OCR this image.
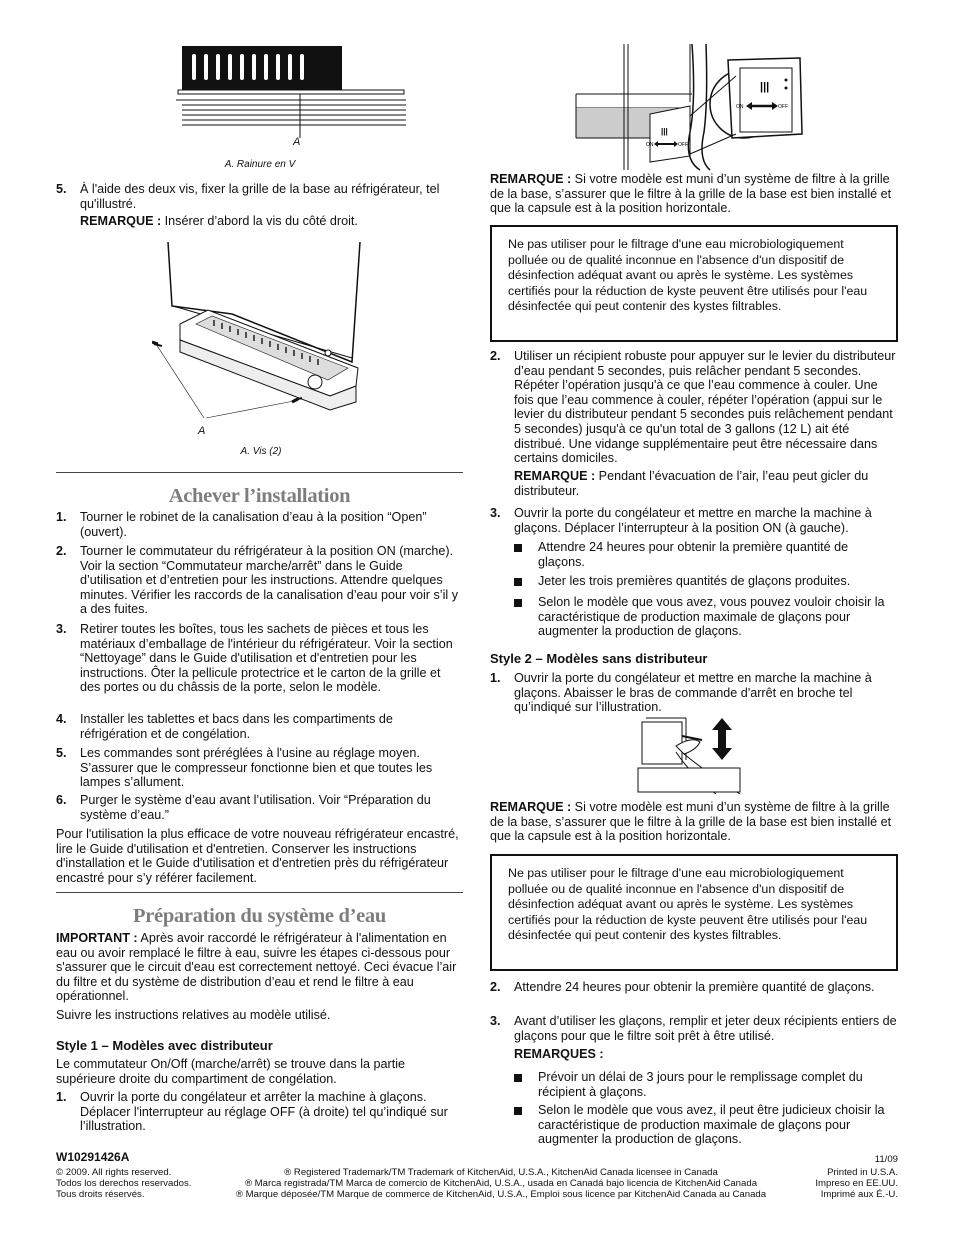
A
A. Rainure en V
5. À l'aide des deux vis, fixer la grille de la base au réfrigérateur, tel qu'illustré.
REMARQUE : Insérer d’abord la vis du côté droit.
A
A. Vis (2)
Achever l’installation
1. Tourner le robinet de la canalisation d’eau à la position “Open” (ouvert).
2. Tourner le commutateur du réfrigérateur à la position ON (marche). Voir la section “Commutateur marche/arrêt” dans le Guide d’utilisation et d’entretien pour les instructions. Attendre quelques minutes. Vérifier les raccords de la canalisation d’eau pour voir s’il y a des fuites.
3. Retirer toutes les boîtes, tous les sachets de pièces et tous les matériaux d’emballage de l'intérieur du réfrigérateur. Voir la section “Nettoyage” dans le Guide d'utilisation et d'entretien pour les instructions. Ôter la pellicule protectrice et le carton de la grille et des portes ou du châssis de la porte, selon le modèle.
4. Installer les tablettes et bacs dans les compartiments de réfrigération et de congélation.
5. Les commandes sont préréglées à l'usine au réglage moyen. S’assurer que le compresseur fonctionne bien et que toutes les lampes s’allument.
6. Purger le système d’eau avant l’utilisation. Voir “Préparation du système d’eau.”
Pour l'utilisation la plus efficace de votre nouveau réfrigérateur encastré, lire le Guide d'utilisation et d'entretien. Conserver les instructions d'installation et le Guide d'utilisation et d'entretien près du réfrigérateur encastré pour s’y référer facilement.
Préparation du système d’eau
IMPORTANT : Après avoir raccordé le réfrigérateur à l'alimentation en eau ou avoir remplacé le filtre à eau, suivre les étapes ci-dessous pour s'assurer que le circuit d'eau est correctement nettoyé. Ceci évacue l’air du filtre et du système de distribution d’eau et rend le filtre à eau opérationnel.
Suivre les instructions relatives au modèle utilisé.
Style 1 – Modèles avec distributeur
Le commutateur On/Off (marche/arrêt) se trouve dans la partie supérieure droite du compartiment de congélation.
1. Ouvrir la porte du congélateur et arrêter la machine à glaçons. Déplacer l'interrupteur au réglage OFF (à droite) tel qu’indiqué sur l’illustration.
|||
ON	OFF
|||
ON	OFF
REMARQUE : Si votre modèle est muni d’un système de filtre à la grille de la base, s’assurer que le filtre à la grille de la base est bien installé et que la capsule est à la position horizontale.
Ne pas utiliser pour le filtrage d'une eau microbiologiquement polluée ou de qualité inconnue en l'absence d'un dispositif de désinfection adéquat avant ou après le système. Les systèmes certifiés pour la réduction de kyste peuvent être utilisés pour l'eau désinfectée qui peut contenir des kystes filtrables.
2. Utiliser un récipient robuste pour appuyer sur le levier du distributeur d’eau pendant 5 secondes, puis relâcher pendant 5 secondes. Répéter l’opération jusqu'à ce que l’eau commence à couler. Une fois que l’eau commence à couler, répéter l’opération (appui sur le levier du distributeur pendant 5 secondes puis relâchement pendant 5 secondes) jusqu'à ce qu'un total de 3 gallons (12 L) ait été distribué. Une vidange supplémentaire peut être nécessaire dans certains domiciles.
REMARQUE : Pendant l’évacuation de l’air, l’eau peut gicler du distributeur.
3. Ouvrir la porte du congélateur et mettre en marche la machine à glaçons. Déplacer l’interrupteur à la position ON (à gauche).
Attendre 24 heures pour obtenir la première quantité de glaçons.
Jeter les trois premières quantités de glaçons produites.
Selon le modèle que vous avez, vous pouvez vouloir choisir la caractéristique de production maximale de glaçons pour augmenter la production de glaçons.
Style 2 – Modèles sans distributeur
1. Ouvrir la porte du congélateur et mettre en marche la machine à glaçons. Abaisser le bras de commande d'arrêt en broche tel qu’indiqué sur l’illustration.
REMARQUE : Si votre modèle est muni d’un système de filtre à la grille de la base, s’assurer que le filtre à la grille de la base est bien installé et que la capsule est à la position horizontale.
Ne pas utiliser pour le filtrage d'une eau microbiologiquement polluée ou de qualité inconnue en l'absence d'un dispositif de désinfection adéquat avant ou après le système. Les systèmes certifiés pour la réduction de kyste peuvent être utilisés pour l'eau désinfectée qui peut contenir des kystes filtrables.
2. Attendre 24 heures pour obtenir la première quantité de glaçons.
3. Avant d’utiliser les glaçons, remplir et jeter deux récipients entiers de glaçons pour que le filtre soit prêt à être utilisé.
REMARQUES :
Prévoir un délai de 3 jours pour le remplissage complet du récipient à glaçons.
Selon le modèle que vous avez, il peut être judicieux choisir la caractéristique de production maximale de glaçons pour augmenter la production de glaçons.
W10291426A	11/09
© 2009. All rights reserved.
Todos los derechos reservados.
Tous droits réservés.
® Registered Trademark/TM Trademark of KitchenAid, U.S.A., KitchenAid Canada licensee in Canada
® Marca registrada/TM Marca de comercio de KitchenAid, U.S.A., usada en Canadá bajo licencia de KitchenAid Canada
® Marque déposée/TM Marque de commerce de KitchenAid, U.S.A., Emploi sous licence par KitchenAid Canada au Canada
Printed in U.S.A.
Impreso en EE.UU.
Imprimé aux É.-U.
